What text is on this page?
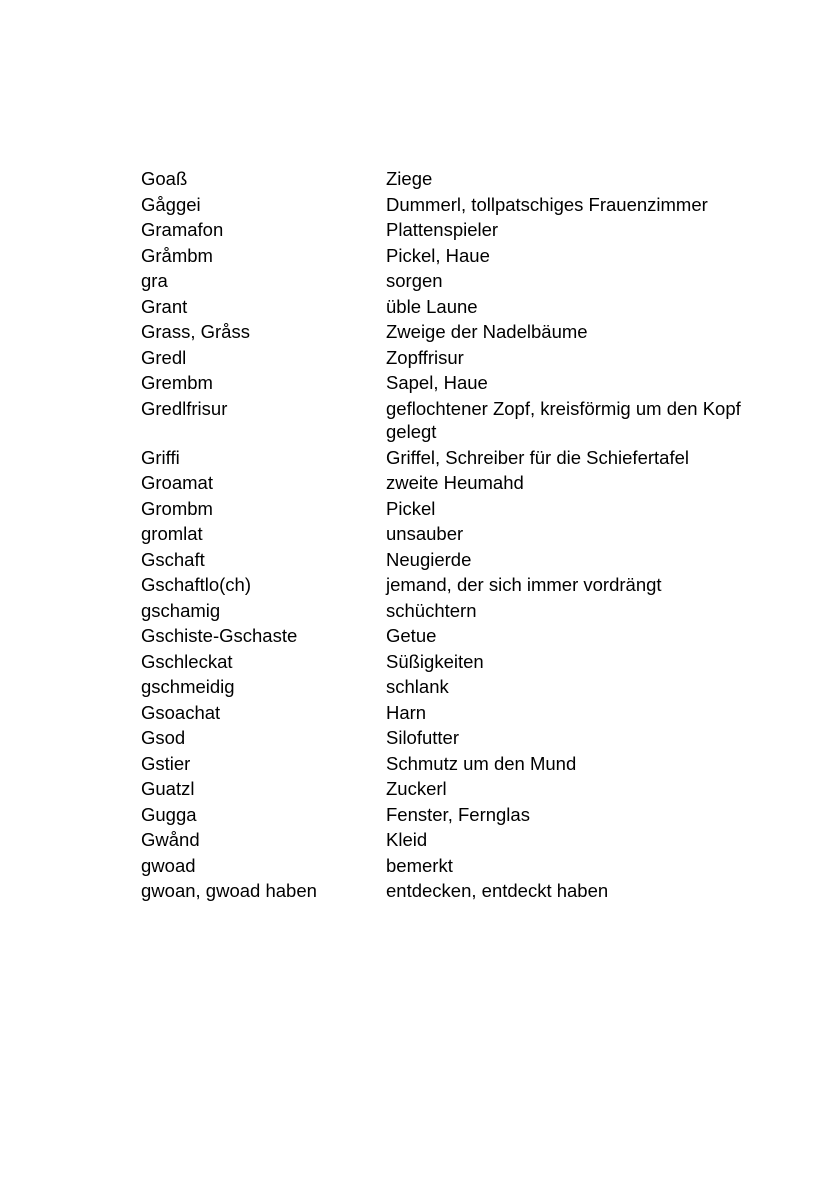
Goaß	Ziege
Gåggei	Dummerl, tollpatschiges Frauenzimmer
Gramafon	Plattenspieler
Gråmbm	Pickel, Haue
gra	sorgen
Grant	üble Laune
Grass, Gråss	Zweige der Nadelbäume
Gredl	Zopffrisur
Grembm	Sapel, Haue
Gredlfrisur	geflochtener Zopf, kreisförmig um den Kopf gelegt
Griffi	Griffel, Schreiber für die Schiefertafel
Groamat	zweite Heumahd
Grombm	Pickel
gromlat	unsauber
Gschaft	Neugierde
Gschaftlo(ch)	jemand, der sich immer vordrängt
gschamig	schüchtern
Gschiste-Gschaste	Getue
Gschleckat	Süßigkeiten
gschmeidig	schlank
Gsoachat	Harn
Gsod	Silofutter
Gstier	Schmutz um den Mund
Guatzl	Zuckerl
Gugga	Fenster, Fernglas
Gwånd	Kleid
gwoad	bemerkt
gwoan, gwoad haben	entdecken, entdeckt haben
